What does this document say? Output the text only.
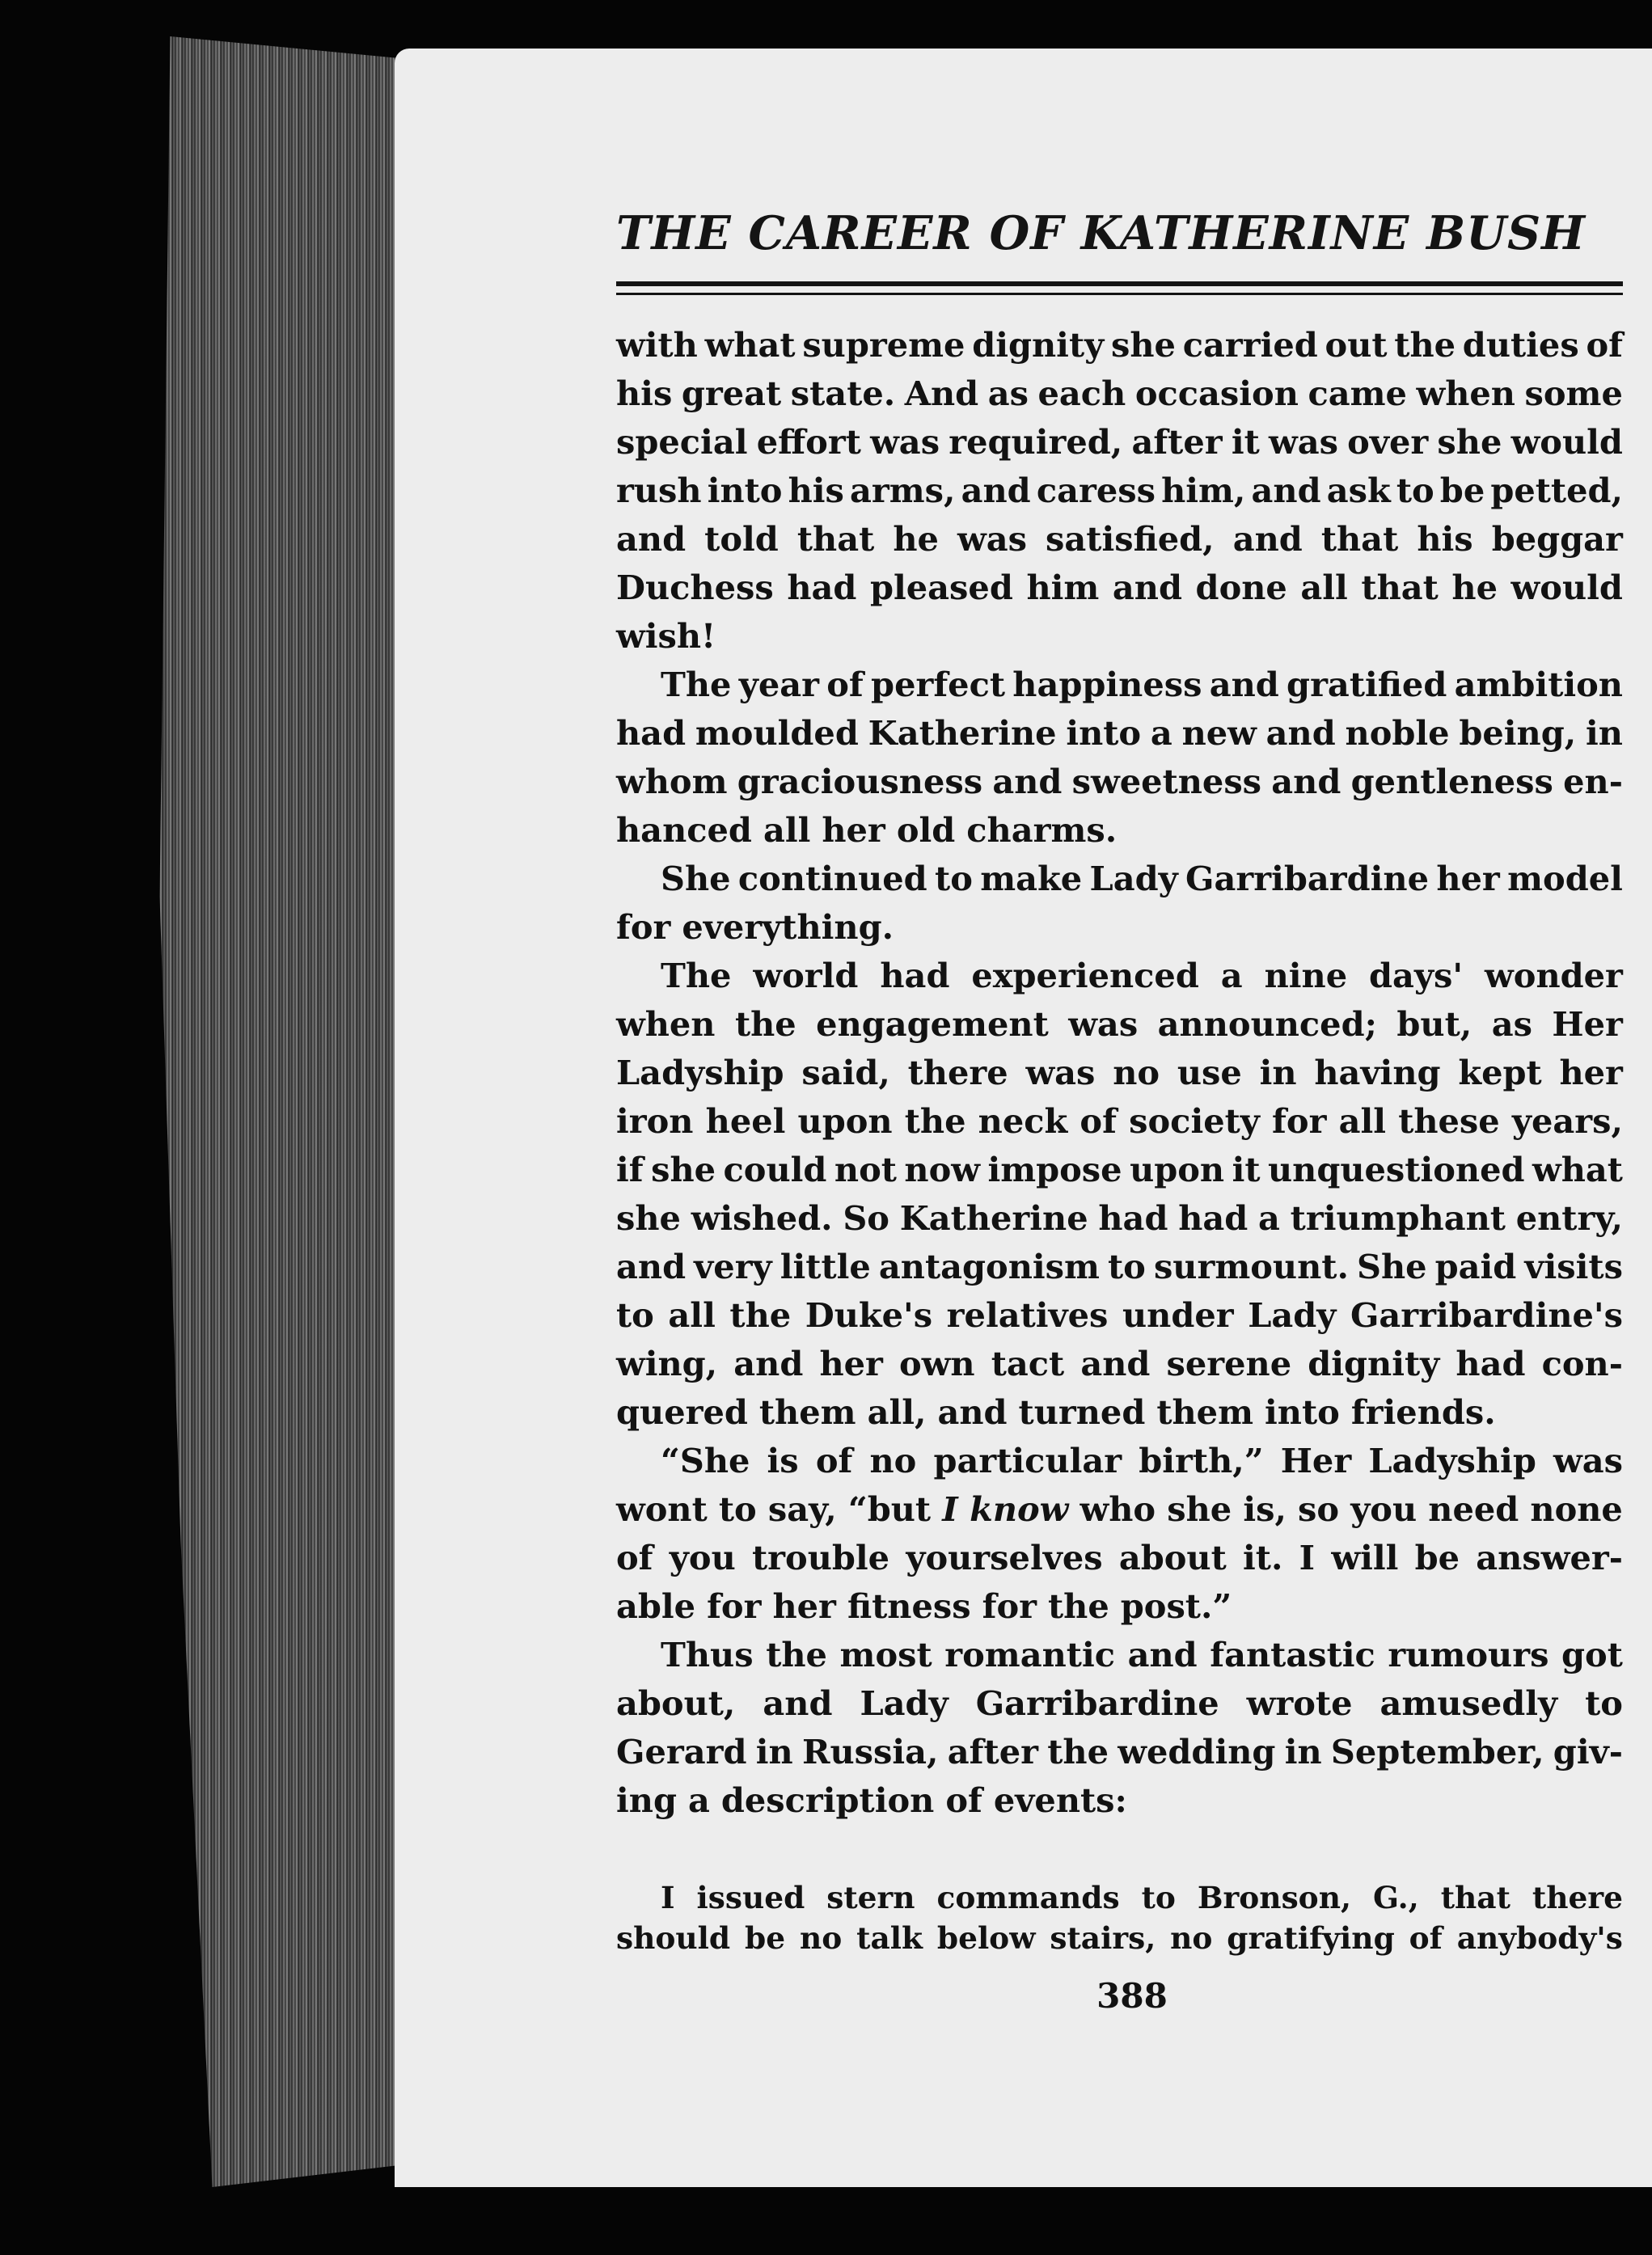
THE CAREER OF KATHERINE BUSH
with what supreme dignity she carried out the duties of
his great state. And as each occasion came when some
special effort was required, after it was over she would
rush into his arms, and caress him, and ask to be petted,
and told that he was satisfied, and that his beggar
Duchess had pleased him and done all that he would
wish!
The year of perfect happiness and gratified ambition
had moulded Katherine into a new and noble being, in
whom graciousness and sweetness and gentleness en-
hanced all her old charms.
She continued to make Lady Garribardine her model
for everything.
The world had experienced a nine days' wonder
when the engagement was announced; but, as Her
Ladyship said, there was no use in having kept her
iron heel upon the neck of society for all these years,
if she could not now impose upon it unquestioned what
she wished. So Katherine had had a triumphant entry,
and very little antagonism to surmount. She paid visits
to all the Duke's relatives under Lady Garribardine's
wing, and her own tact and serene dignity had con-
quered them all, and turned them into friends.
“She is of no particular birth,” Her Ladyship was
wont to say, “but I know who she is, so you need none
of you trouble yourselves about it. I will be answer-
able for her fitness for the post.”
Thus the most romantic and fantastic rumours got
about, and Lady Garribardine wrote amusedly to
Gerard in Russia, after the wedding in September, giv-
ing a description of events:
I issued stern commands to Bronson, G., that there
should be no talk below stairs, no gratifying of anybody's
388
